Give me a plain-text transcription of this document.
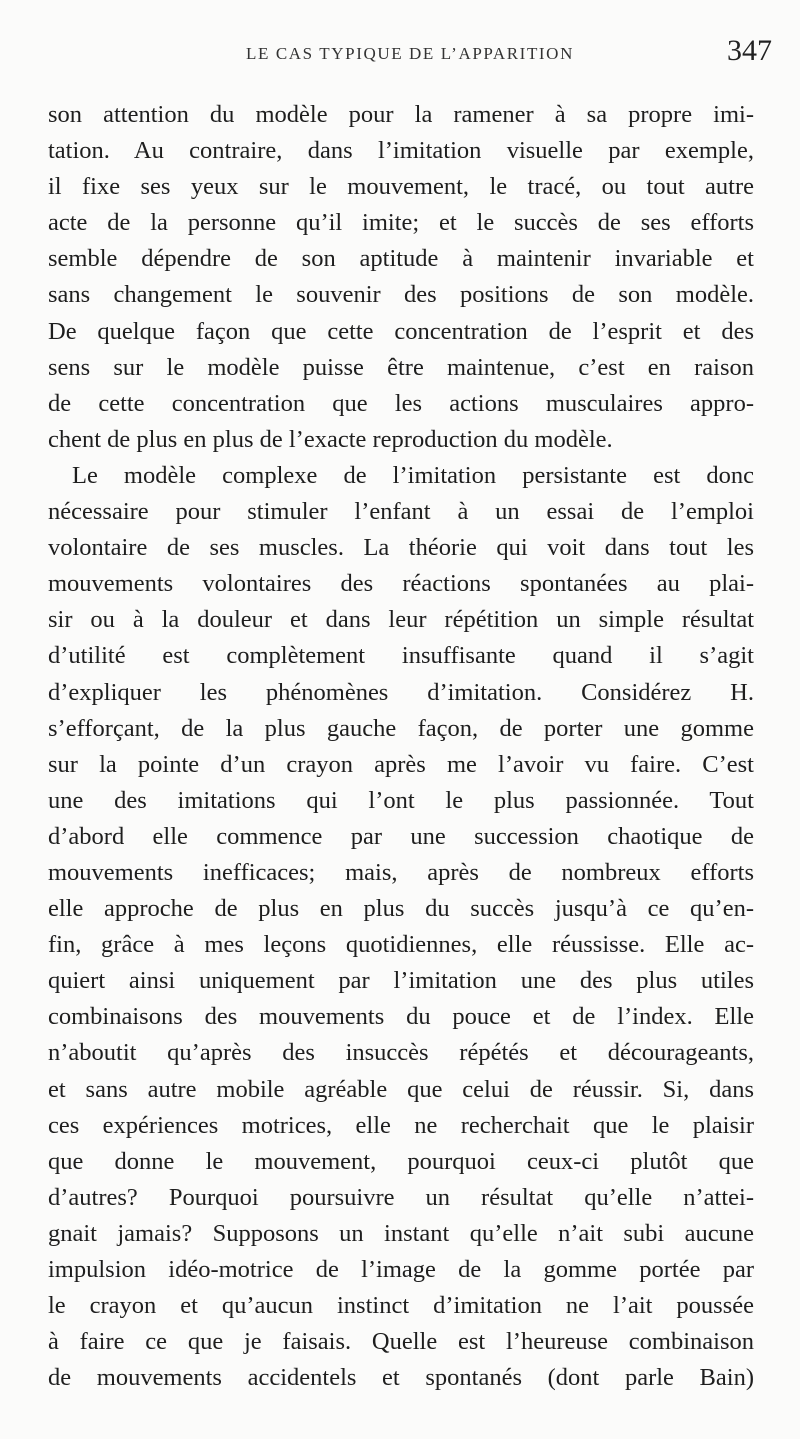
LE CAS TYPIQUE DE L’APPARITION	347
son attention du modèle pour la ramener à sa propre imi-
tation. Au contraire, dans l’imitation visuelle par exemple,
il fixe ses yeux sur le mouvement, le tracé, ou tout autre
acte de la personne qu’il imite; et le succès de ses efforts
semble dépendre de son aptitude à maintenir invariable et
sans changement le souvenir des positions de son modèle.
De quelque façon que cette concentration de l’esprit et des
sens sur le modèle puisse être maintenue, c’est en raison
de cette concentration que les actions musculaires appro-
chent de plus en plus de l’exacte reproduction du modèle.
Le modèle complexe de l’imitation persistante est donc
nécessaire pour stimuler l’enfant à un essai de l’emploi
volontaire de ses muscles. La théorie qui voit dans tout les
mouvements volontaires des réactions spontanées au plai-
sir ou à la douleur et dans leur répétition un simple résultat
d’utilité est complètement insuffisante quand il s’agit
d’expliquer les phénomènes d’imitation. Considérez H.
s’efforçant, de la plus gauche façon, de porter une gomme
sur la pointe d’un crayon après me l’avoir vu faire. C’est
une des imitations qui l’ont le plus passionnée. Tout
d’abord elle commence par une succession chaotique de
mouvements inefficaces; mais, après de nombreux efforts
elle approche de plus en plus du succès jusqu’à ce qu’en-
fin, grâce à mes leçons quotidiennes, elle réussisse. Elle ac-
quiert ainsi uniquement par l’imitation une des plus utiles
combinaisons des mouvements du pouce et de l’index. Elle
n’aboutit qu’après des insuccès répétés et décourageants,
et sans autre mobile agréable que celui de réussir. Si, dans
ces expériences motrices, elle ne recherchait que le plaisir
que donne le mouvement, pourquoi ceux-ci plutôt que
d’autres? Pourquoi poursuivre un résultat qu’elle n’attei-
gnait jamais? Supposons un instant qu’elle n’ait subi aucune
impulsion idéo-motrice de l’image de la gomme portée par
le crayon et qu’aucun instinct d’imitation ne l’ait poussée
à faire ce que je faisais. Quelle est l’heureuse combinaison
de mouvements accidentels et spontanés (dont parle Bain)
